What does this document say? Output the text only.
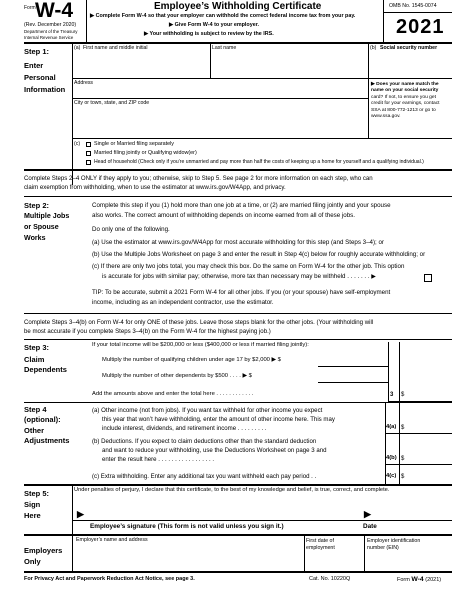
Form W-4
(Rev. December 2020)
Department of the Treasury
Internal Revenue Service
Employee’s Withholding Certificate
▶ Complete Form W-4 so that your employer can withhold the correct federal income tax from your pay.
▶ Give Form W-4 to your employer.
▶ Your withholding is subject to review by the IRS.
OMB No. 1545-0074
2021
Step 1:
Enter
Personal
Information
(a) First name and middle initial	Last name	(b) Social security number
Address
City or town, state, and ZIP code
▶ Does your name match the
name on your social security
card? If not, to ensure you get
credit for your earnings, contact
SSA at 800-772-1213 or go to
www.ssa.gov.
(c)	Single or Married filing separately
Married filing jointly or Qualifying widow(er)
Head of household (Check only if you’re unmarried and pay more than half the costs of keeping up a home for yourself and a qualifying individual.)
Complete Steps 2–4 ONLY if they apply to you; otherwise, skip to Step 5. See page 2 for more information on each step, who can
claim exemption from withholding, when to use the estimator at www.irs.gov/W4App, and privacy.
Step 2:
Multiple Jobs
or Spouse
Works
Complete this step if you (1) hold more than one job at a time, or (2) are married filing jointly and your spouse
also works. The correct amount of withholding depends on income earned from all of these jobs.
Do only one of the following.
(a) Use the estimator at www.irs.gov/W4App for most accurate withholding for this step (and Steps 3–4); or
(b) Use the Multiple Jobs Worksheet on page 3 and enter the result in Step 4(c) below for roughly accurate withholding; or
(c) If there are only two jobs total, you may check this box. Do the same on Form W-4 for the other job. This option
is accurate for jobs with similar pay; otherwise, more tax than necessary may be withheld . . . . . . . ▶
TIP: To be accurate, submit a 2021 Form W-4 for all other jobs. If you (or your spouse) have self-employment
income, including as an independent contractor, use the estimator.
Complete Steps 3–4(b) on Form W-4 for only ONE of these jobs. Leave those steps blank for the other jobs. (Your withholding will
be most accurate if you complete Steps 3–4(b) on the Form W-4 for the highest paying job.)
Step 3:
Claim
Dependents
If your total income will be $200,000 or less ($400,000 or less if married filing jointly):
Multiply the number of qualifying children under age 17 by $2,000 ▶ $
Multiply the number of other dependents by $500 . . . . ▶ $
Add the amounts above and enter the total here . . . . . . . . . . . .	3 $
Step 4
(optional):
Other
Adjustments
(a) Other income (not from jobs). If you want tax withheld for other income you expect
this year that won’t have withholding, enter the amount of other income here. This may
include interest, dividends, and retirement income . . . . . . . . .
(b) Deductions. If you expect to claim deductions other than the standard deduction
and want to reduce your withholding, use the Deductions Worksheet on page 3 and
enter the result here . . . . . . . . . . . . . . . . .
(c) Extra withholding. Enter any additional tax you want withheld each pay period . .
4(a) $
4(b) $
4(c) $
Step 5:
Sign
Here
Under penalties of perjury, I declare that this certificate, to the best of my knowledge and belief, is true, correct, and complete.
▶	▶
Employee’s signature (This form is not valid unless you sign it.)	Date
Employers
Only
Employer’s name and address	First date of
employment
Employer identification
number (EIN)
For Privacy Act and Paperwork Reduction Act Notice, see page 3.	Cat. No. 10220Q	Form W-4 (2021)
